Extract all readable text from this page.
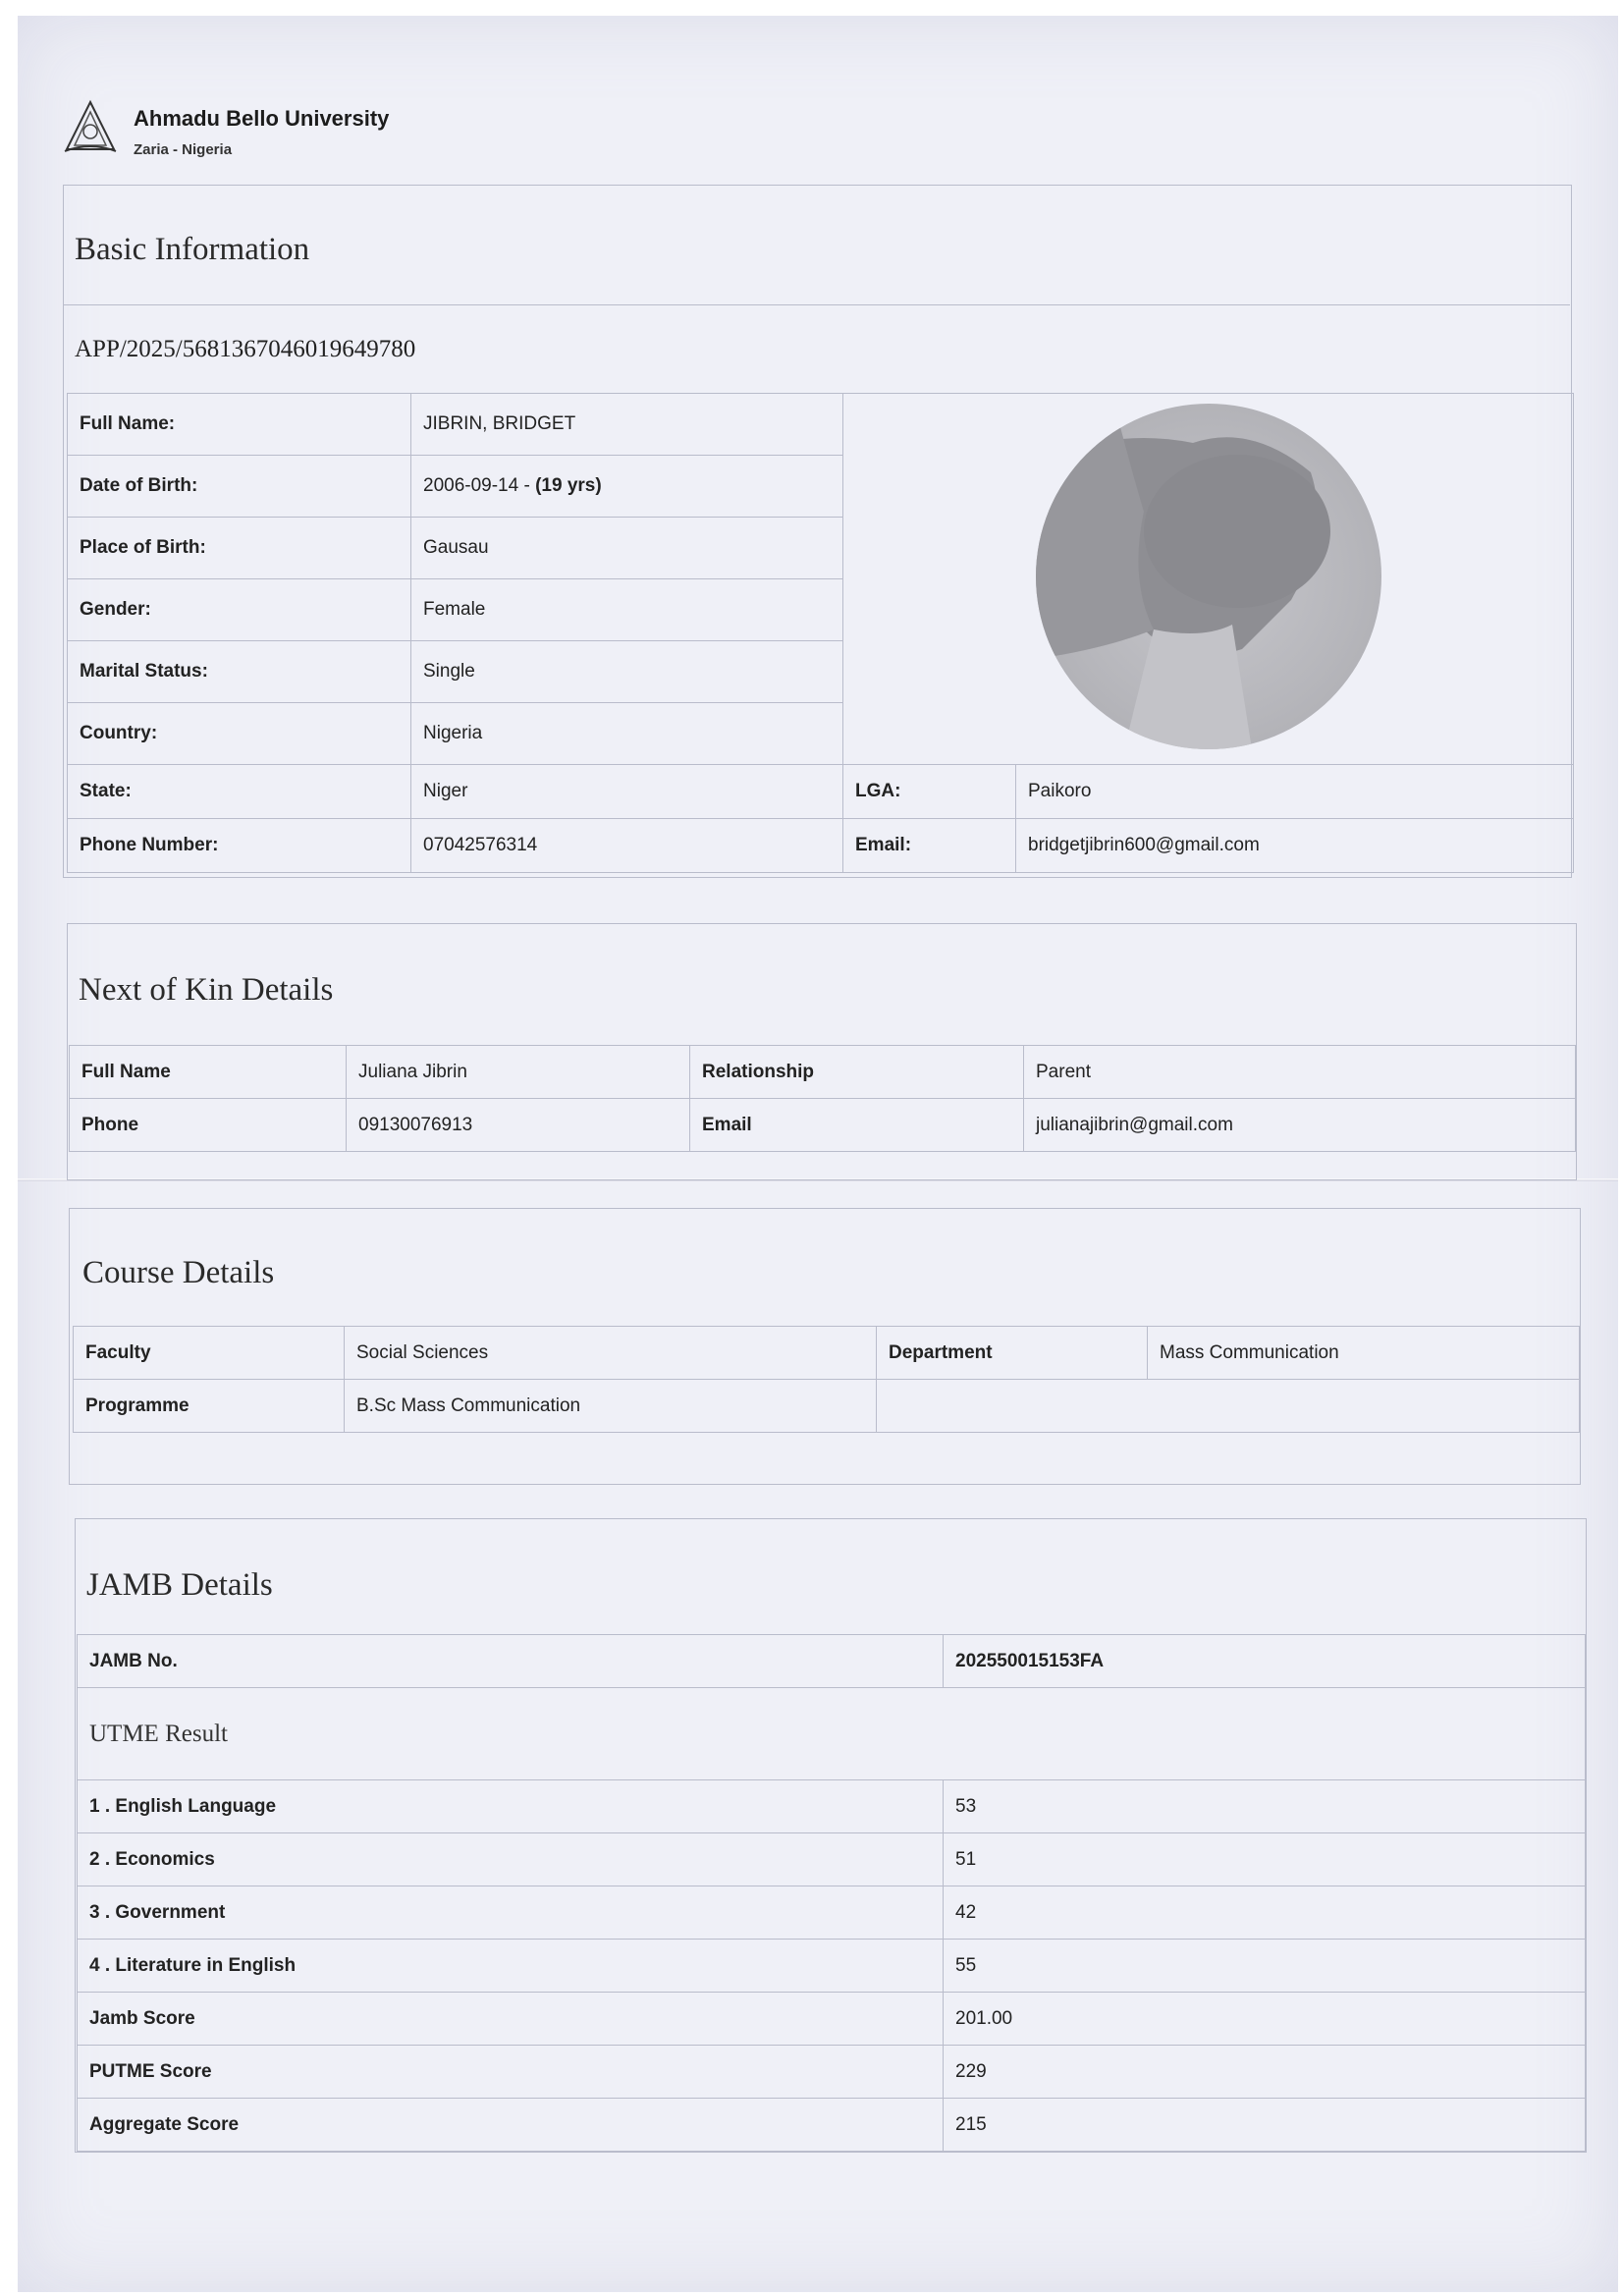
Ahmadu Bello University
Zaria - Nigeria
Basic Information
APP/2025/5681367046019649780
Full Name:	JIBRIN, BRIDGET	

Date of Birth:	2006-09-14 - (19 yrs)		
Place of Birth:	Gausau		
Gender:	Female		
Marital Status:	Single		
Country:	Nigeria		
State:	Niger	LGA:	Paikoro
Phone Number:	07042576314	Email:	bridgetjibrin600@gmail.com
Next of Kin Details
Full Name	Juliana Jibrin	Relationship	Parent
Phone	09130076913	Email	julianajibrin@gmail.com
Course Details
Faculty	Social Sciences	Department	Mass Communication
Programme	B.Sc Mass Communication		
JAMB Details
JAMB No.	202550015153FA
UTME Result	
1 . English Language	53
2 . Economics	51
3 . Government	42
4 . Literature in English	55
Jamb Score	201.00
PUTME Score	229
Aggregate Score	215
